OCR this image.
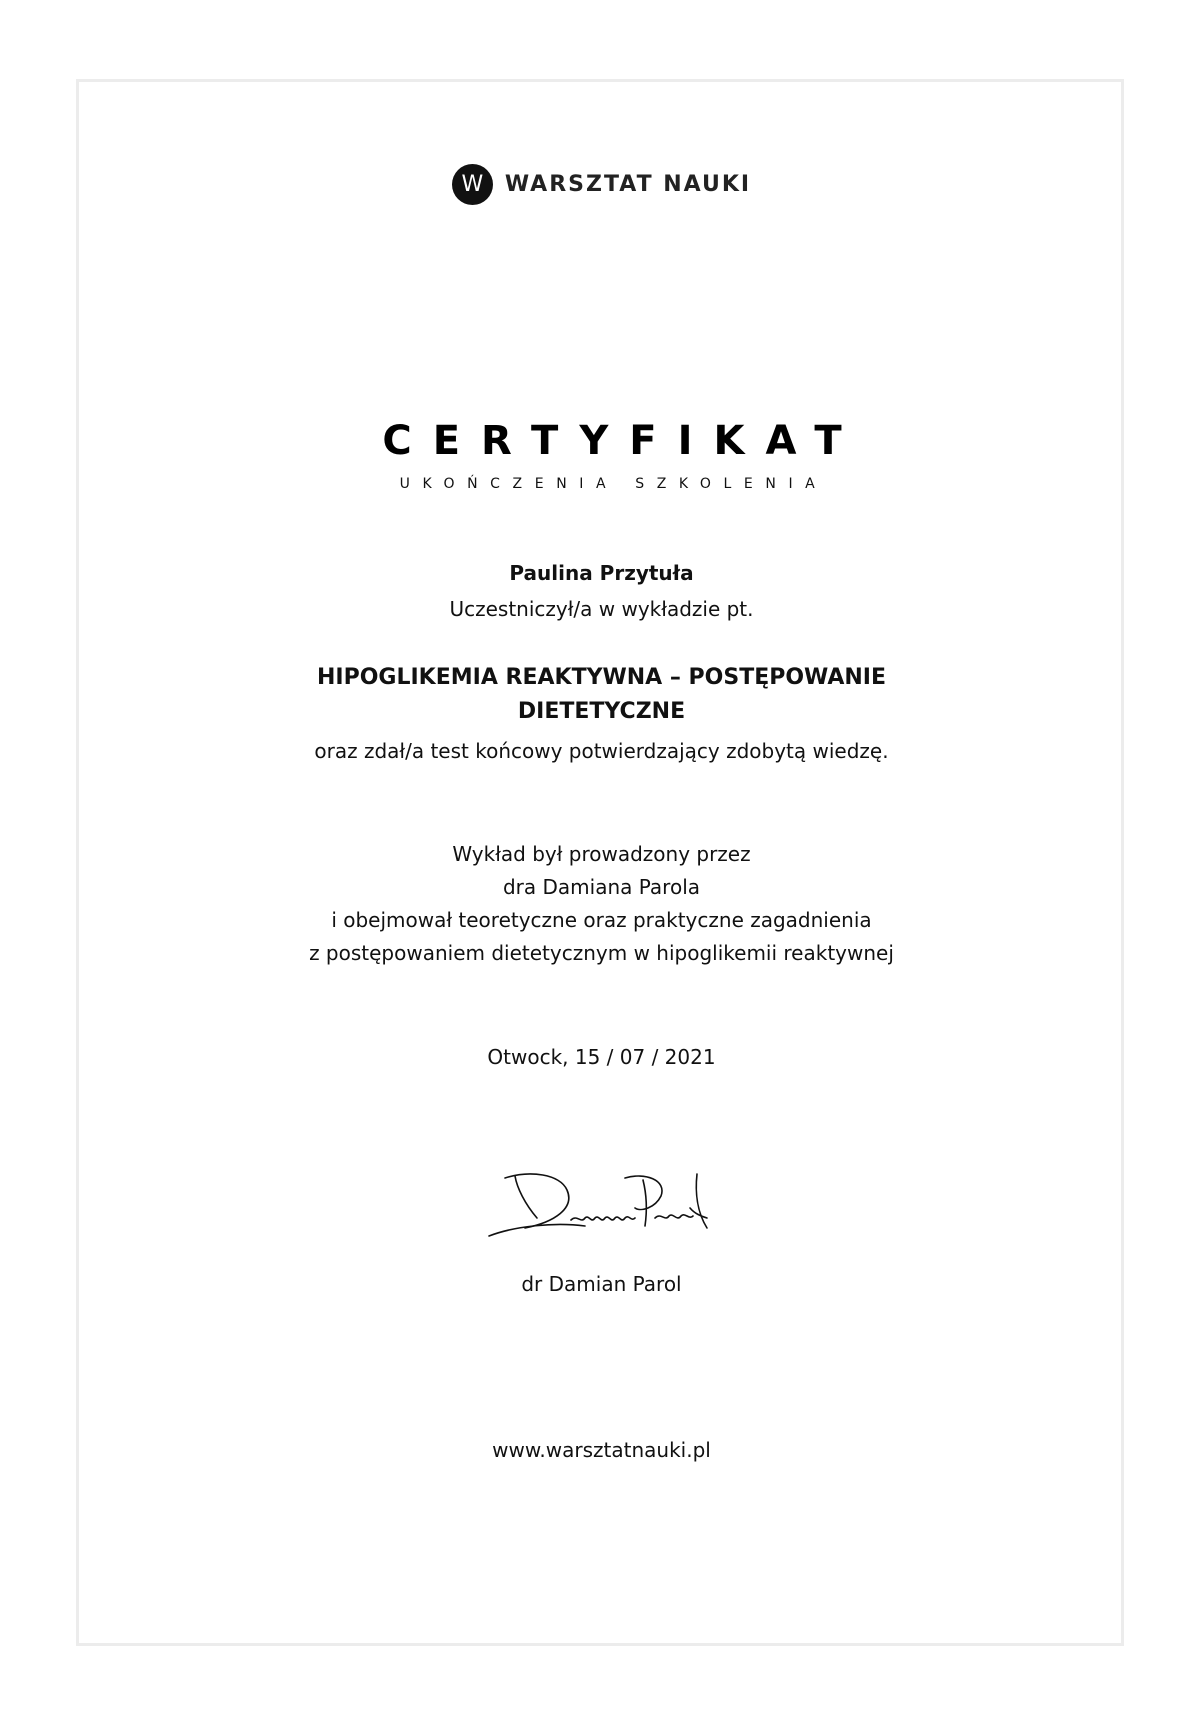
W WARSZTAT NAUKI
CERTYFIKAT
UKOŃCZENIA SZKOLENIA
Paulina Przytuła
Uczestniczył/a w wykładzie pt.
HIPOGLIKEMIA REAKTYWNA – POSTĘPOWANIE
DIETETYCZNE
oraz zdał/a test końcowy potwierdzający zdobytą wiedzę.
Wykład był prowadzony przez
dra Damiana Parola
i obejmował teoretyczne oraz praktyczne zagadnienia
z postępowaniem dietetycznym w hipoglikemii reaktywnej
Otwock, 15 / 07 / 2021
dr Damian Parol
www.warsztatnauki.pl
